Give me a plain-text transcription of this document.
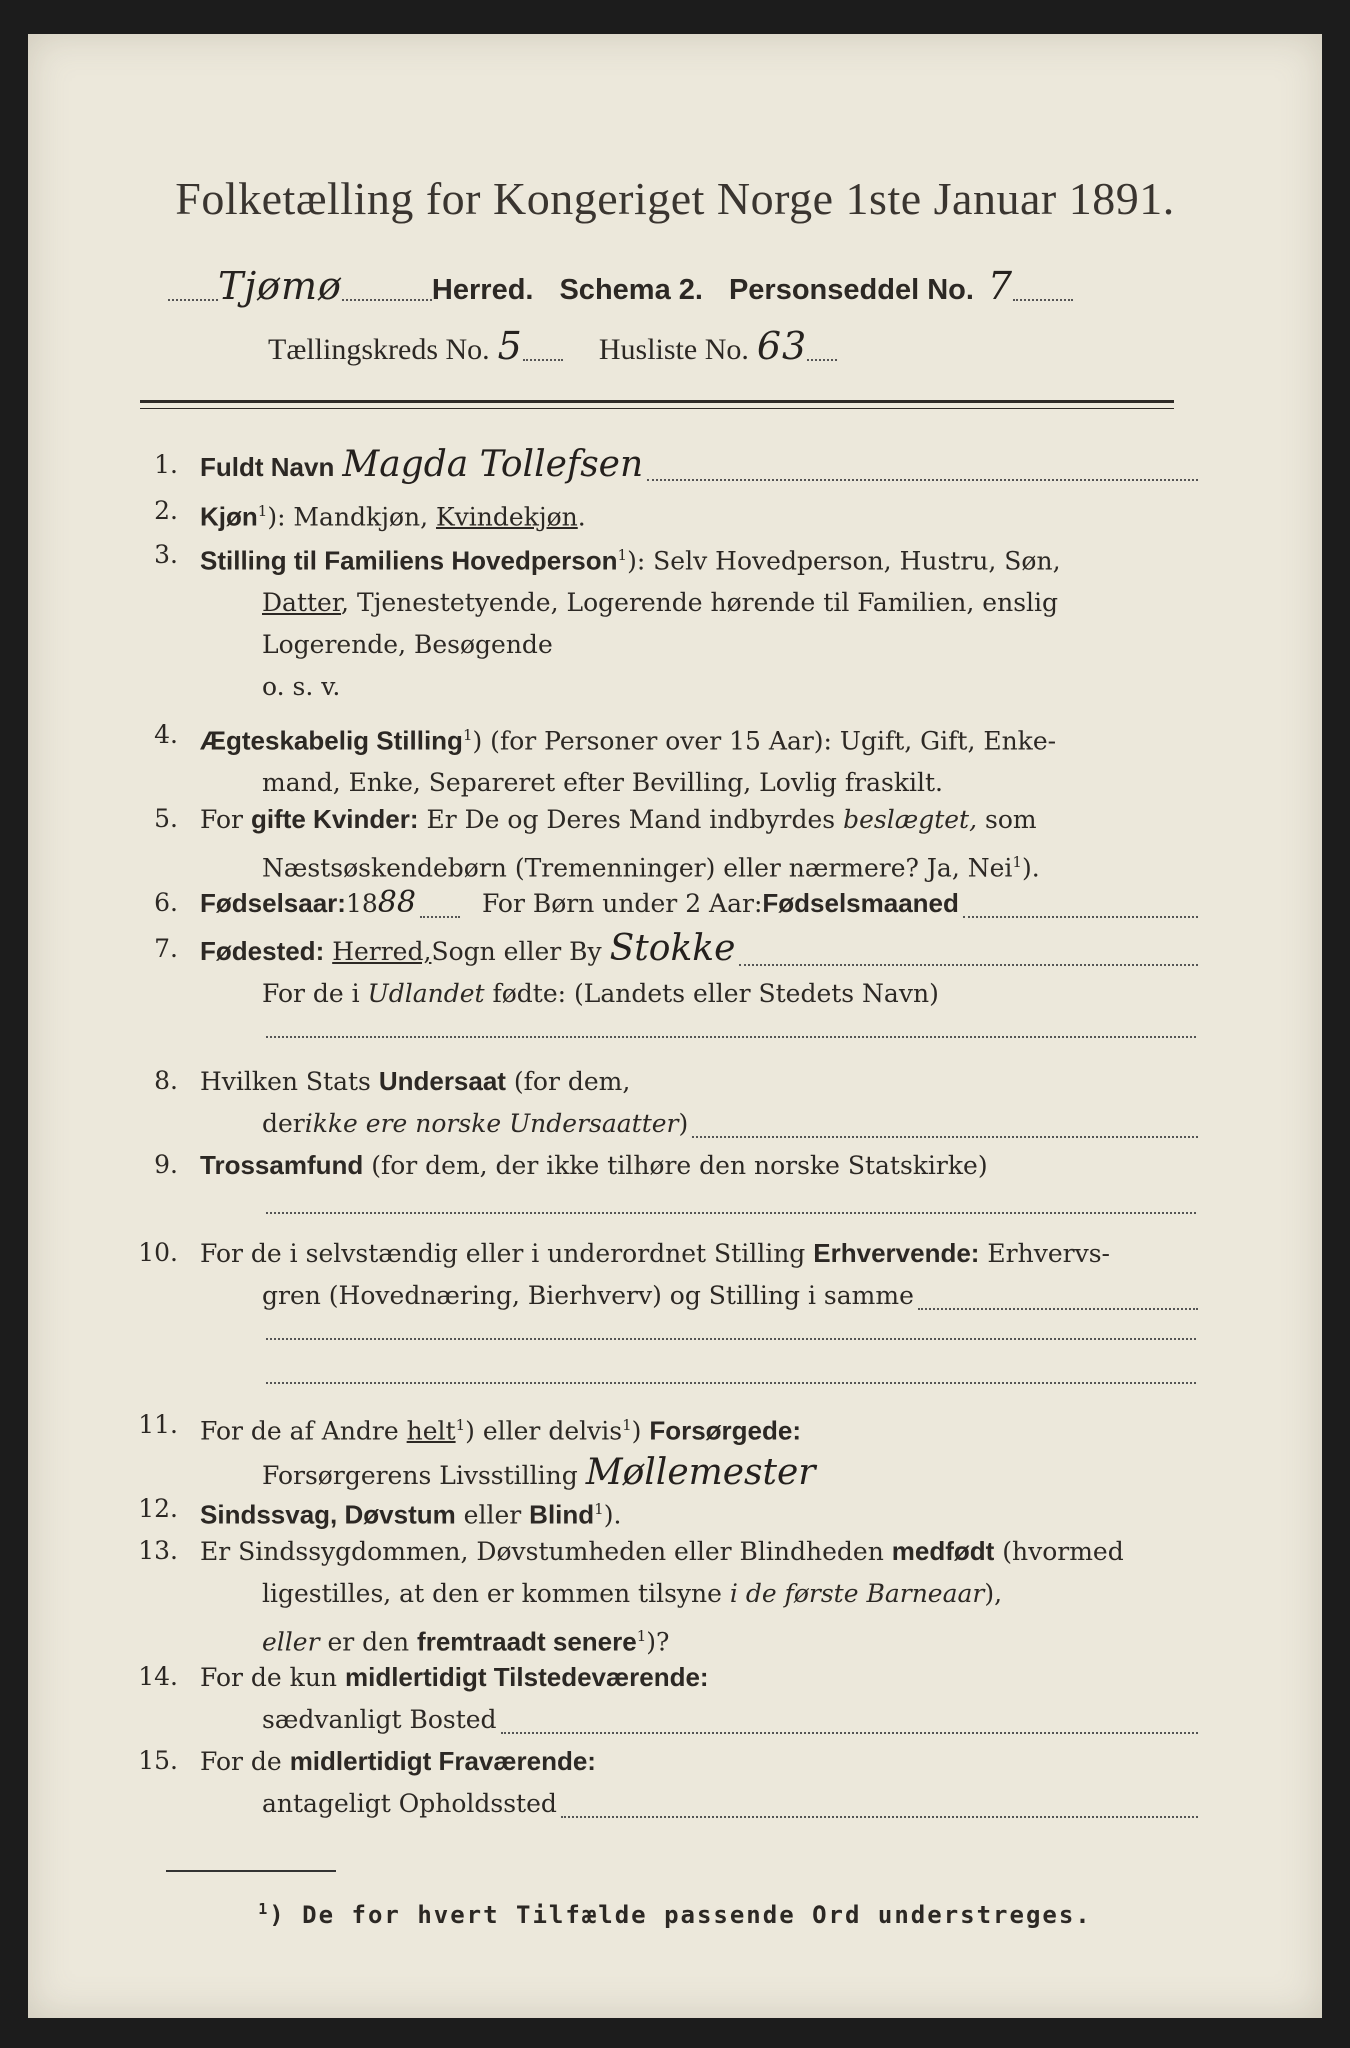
Folketælling for Kongeriget Norge 1ste Januar 1891.
Tjømø	Herred. Schema 2. Personseddel No. 7
Tællingskreds No. 5	Husliste No. 63
1. Fuldt Navn Magda Tollefsen
2. Kjøn$^1$): Mandkjøn, Kvindekjøn.
3. Stilling til Familiens Hovedperson$^1$): Selv Hovedperson, Hustru, Søn,
Datter, Tjenestetyende, Logerende hørende til Familien, enslig
Logerende, Besøgende
o. s. v.
4. Ægteskabelig Stilling$^1$) (for Personer over 15 Aar): Ugift, Gift, Enke-
mand, Enke, Separeret efter Bevilling, Lovlig fraskilt.
5. For gifte Kvinder: Er De og Deres Mand indbyrdes beslægtet, som
Næstsøskendebørn (Tremenninger) eller nærmere? Ja, Nei$^1$).
6. Fødselsaar: 18 88	For Børn under 2 Aar: Fødselsmaaned
7. Fødested:
Herred, Sogn eller By Stokke
For de i Udlandet fødte: (Landets eller Stedets Navn)
8. Hvilken Stats Undersaat (for dem,
der ikke ere norske Undersaatter )
9. Trossamfund (for dem, der ikke tilhøre den norske Statskirke)
10. For de i selvstændig eller i underordnet Stilling Erhvervende: Erhvervs-
gren (Hovednæring, Bierhverv) og Stilling i samme
11. For de af Andre helt$^1$) eller delvis$^1$) Forsørgede:
Forsørgerens Livsstilling Møllemester
12. Sindssvag, Døvstum eller Blind$^1$).
13. Er Sindssygdommen, Døvstumheden eller Blindheden medfødt (hvormed
ligestilles, at den er kommen tilsyne i de første Barneaar),
eller er den fremtraadt senere$^1$)?
14. For de kun midlertidigt Tilstedeværende:
sædvanligt Bosted
15. For de midlertidigt Fraværende:
antageligt Opholdssted
$^1$) De for hvert Tilfælde passende Ord understreges.
